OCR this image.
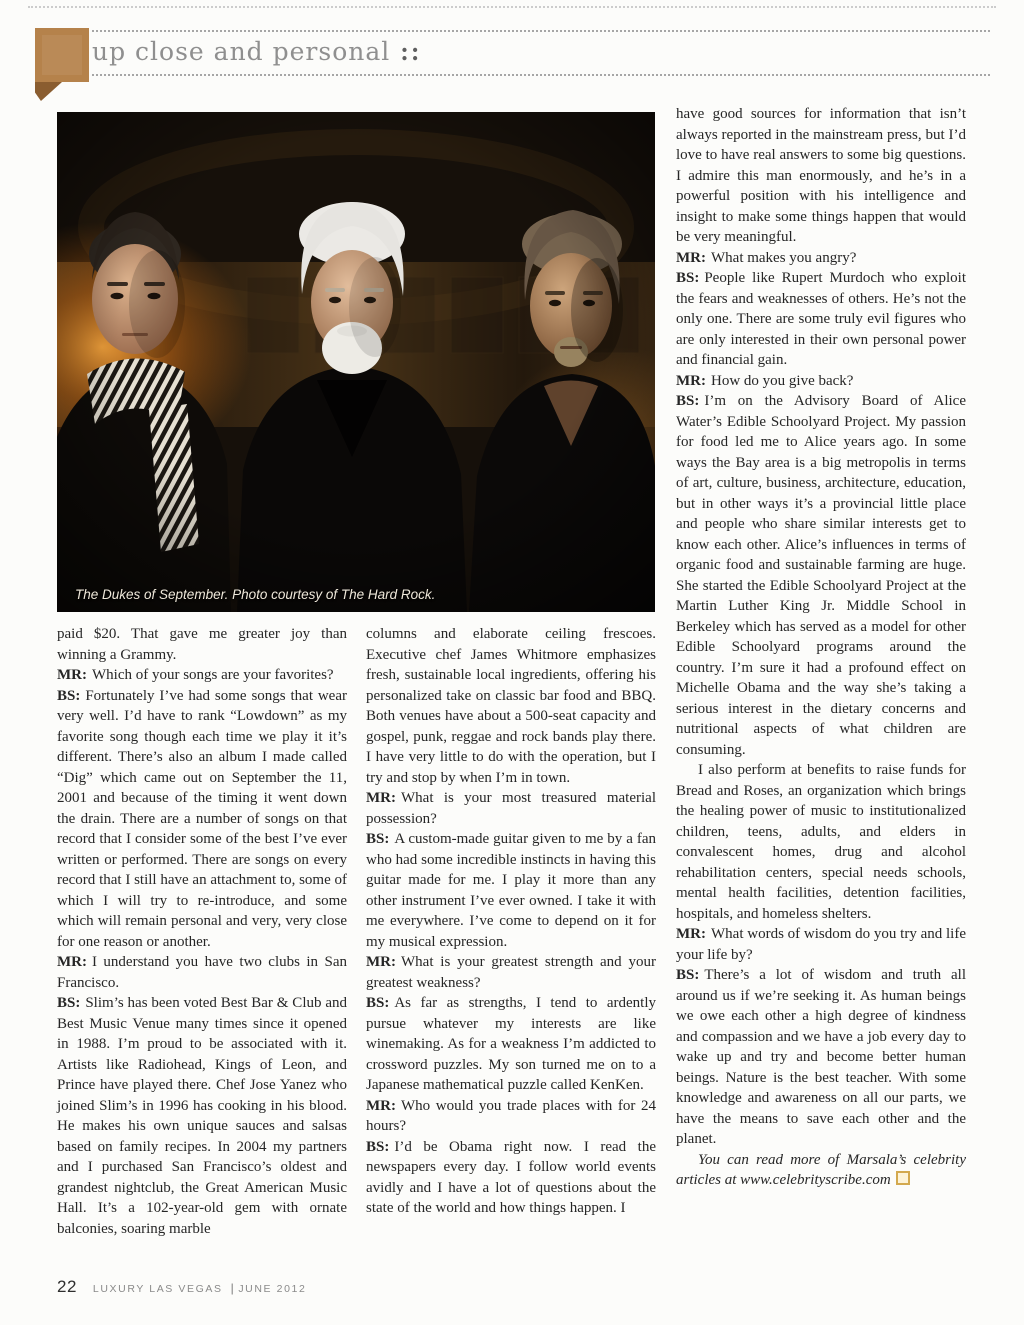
up close and personal ::
The Dukes of September. Photo courtesy of The Hard Rock.

paid $20. That gave me greater joy than winning a Grammy.

MR: Which of your songs are your favorites?

BS: Fortunately I’ve had some songs that wear very well. I’d have to rank “Lowdown” as my favorite song though each time we play it it’s different. There’s also an album I made called “Dig” which came out on September the 11, 2001 and because of the timing it went down the drain. There are a number of songs on that record that I consider some of the best I’ve ever written or performed. There are songs on every record that I still have an attachment to, some of which I will try to re-introduce, and some which will remain personal and very, very close for one reason or another.

MR: I understand you have two clubs in San Francisco.

BS: Slim’s has been voted Best Bar & Club and Best Music Venue many times since it opened in 1988. I’m proud to be associated with it. Artists like Radiohead, Kings of Leon, and Prince have played there. Chef Jose Yanez who joined Slim’s in 1996 has cooking in his blood. He makes his own unique sauces and salsas based on family recipes. In 2004 my partners and I purchased San Francisco’s oldest and grandest nightclub, the Great American Music Hall. It’s a 102-year-old gem with ornate balconies, soaring marble

columns and elaborate ceiling frescoes. Executive chef James Whitmore emphasizes fresh, sustainable local ingredients, offering his personalized take on classic bar food and BBQ. Both venues have about a 500-seat capacity and gospel, punk, reggae and rock bands play there. I have very little to do with the operation, but I try and stop by when I’m in town.

MR: What is your most treasured material possession?

BS: A custom-made guitar given to me by a fan who had some incredible instincts in having this guitar made for me. I play it more than any other instrument I’ve ever owned. I take it with me everywhere. I’ve come to depend on it for my musical expression.

MR: What is your greatest strength and your greatest weakness?

BS: As far as strengths, I tend to ardently pursue whatever my interests are like winemaking. As for a weakness I’m addicted to crossword puzzles. My son turned me on to a Japanese mathematical puzzle called KenKen.

MR: Who would you trade places with for 24 hours?

BS: I’d be Obama right now. I read the newspapers every day. I follow world events avidly and I have a lot of questions about the state of the world and how things happen. I

have good sources for information that isn’t always reported in the mainstream press, but I’d love to have real answers to some big questions. I admire this man enormously, and he’s in a powerful position with his intelligence and insight to make some things happen that would be very meaningful.

MR: What makes you angry?

BS: People like Rupert Murdoch who exploit the fears and weaknesses of others. He’s not the only one. There are some truly evil figures who are only interested in their own personal power and financial gain.

MR: How do you give back?

BS: I’m on the Advisory Board of Alice Water’s Edible Schoolyard Project. My passion for food led me to Alice years ago. In some ways the Bay area is a big metropolis in terms of art, culture, business, architecture, education, but in other ways it’s a provincial little place and people who share similar interests get to know each other. Alice’s influences in terms of organic food and sustainable farming are huge. She started the Edible Schoolyard Project at the Martin Luther King Jr. Middle School in Berkeley which has served as a model for other Edible Schoolyard programs around the country. I’m sure it had a profound effect on Michelle Obama and the way she’s taking a serious interest in the dietary concerns and nutritional aspects of what children are consuming.

I also perform at benefits to raise funds for Bread and Roses, an organization which brings the healing power of music to institutionalized children, teens, adults, and elders in convalescent homes, drug and alcohol rehabilitation centers, special needs schools, mental health facilities, detention facilities, hospitals, and homeless shelters.

MR: What words of wisdom do you try and life your life by?

BS: There’s a lot of wisdom and truth all around us if we’re seeking it. As human beings we owe each other a high degree of kindness and compassion and we have a job every day to wake up and try and become better human beings. Nature is the best teacher. With some knowledge and awareness on all our parts, we have the means to save each other and the planet.

You can read more of Marsala’s celebrity articles at www.celebrityscribe.com

22 LUXURY LAS VEGAS | JUNE 2012
